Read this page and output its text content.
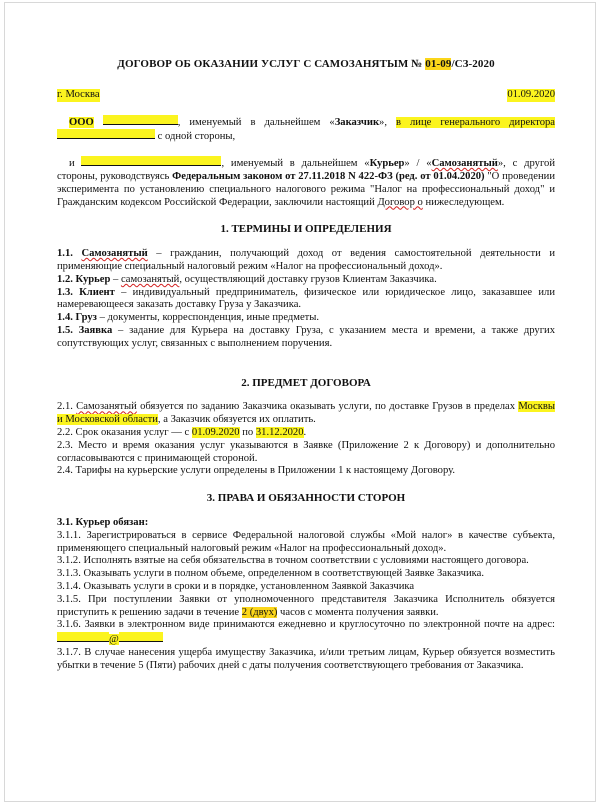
ДОГОВОР ОБ ОКАЗАНИИ УСЛУГ С САМОЗАНЯТЫМ № 01-09/СЗ-2020
г. Москва	01.09.2020

ООО	, именуемый в дальнейшем «Заказчик», в лице генерального директора  с одной стороны,

и	, именуемый в дальнейшем «Курьер» / «Самозанятый», с другой стороны, руководствуясь Федеральным законом от 27.11.2018 N 422-ФЗ (ред. от 01.04.2020) "О проведении эксперимента по установлению специального налогового режима "Налог на профессиональный доход" и Гражданским кодексом Российской Федерации, заключили настоящий Договор о нижеследующем.

1. ТЕРМИНЫ И ОПРЕДЕЛЕНИЯ

1.1. Самозанятый – гражданин, получающий доход от ведения самостоятельной деятельности и применяющие специальный налоговый режим «Налог на профессиональный доход».

1.2. Курьер – самозанятый, осуществляющий доставку грузов Клиентам Заказчика.

1.3. Клиент – индивидуальный предприниматель, физическое или юридическое лицо, заказавшее или намеревающееся заказать доставку Груза у Заказчика.

1.4. Груз – документы, корреспонденция, иные предметы.

1.5. Заявка – задание для Курьера на доставку Груза, с указанием места и времени, а также других сопутствующих услуг, связанных с выполнением поручения.

2. ПРЕДМЕТ ДОГОВОРА

2.1. Самозанятый обязуется по заданию Заказчика оказывать услуги, по доставке Грузов в пределах Москвы и Московской области, а Заказчик обязуется их оплатить.

2.2. Срок оказания услуг — с 01.09.2020 по 31.12.2020.

2.3. Место и время оказания услуг указываются в Заявке (Приложение 2 к Договору) и дополнительно согласовываются с принимающей стороной.

2.4. Тарифы на курьерские услуги определены в Приложении 1 к настоящему Договору.

3. ПРАВА И ОБЯЗАННОСТИ СТОРОН

3.1. Курьер обязан:

3.1.1. Зарегистрироваться в сервисе Федеральной налоговой службы «Мой налог» в качестве субъекта, применяющего специальный налоговый режим «Налог на профессиональный доход».

3.1.2. Исполнять взятые на себя обязательства в точном соответствии с условиями настоящего договора.

3.1.3. Оказывать услуги в полном объеме, определенном в соответствующей Заявке Заказчика.

3.1.4. Оказывать услуги в сроки и в порядке, установленном Заявкой Заказчика

3.1.5. При поступлении Заявки от уполномоченного представителя Заказчика Исполнитель обязуется приступить к решению задачи в течение 2 (двух) часов с момента получения заявки.

3.1.6. Заявки в электронном виде принимаются ежедневно и круглосуточно по электронной почте на адрес: @

3.1.7. В случае нанесения ущерба имуществу Заказчика, и/или третьим лицам, Курьер обязуется возместить убытки в течение 5 (Пяти) рабочих дней с даты получения соответствующего требования от Заказчика.
